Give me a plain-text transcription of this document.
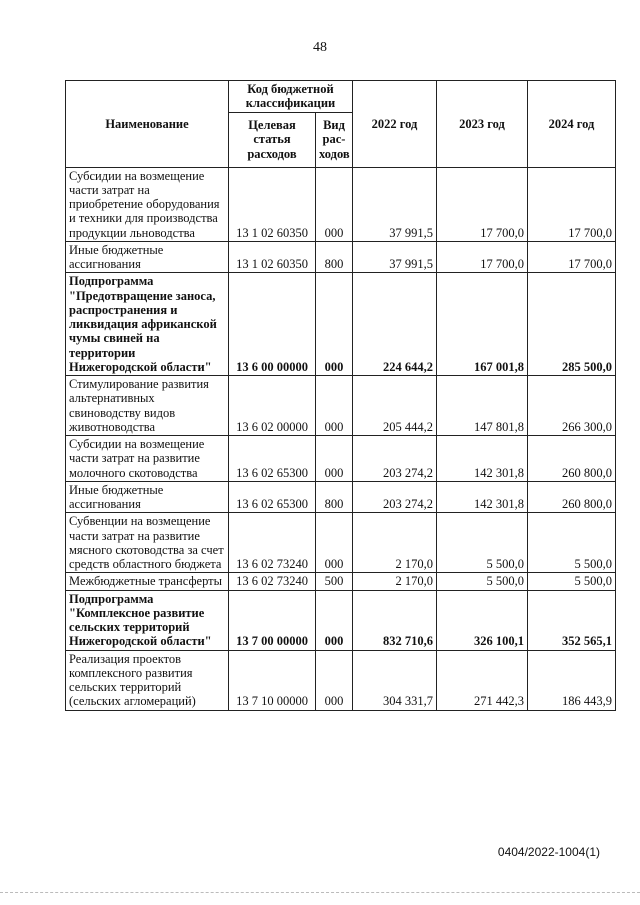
48
Наименование	Код бюджетной классификации		2022 год	2023 год	2024 год
	Целевая статья расходов	Вид рас-ходов			
Субсидии на возмещение части затрат на приобретение оборудования и техники для производства продукции льноводства	13 1 02 60350	000	37 991,5	17 700,0	17 700,0
Иные бюджетные ассигнования	13 1 02 60350	800	37 991,5	17 700,0	17 700,0
Подпрограмма "Предотвращение заноса, распространения и ликвидация африканской чумы свиней на территории Нижегородской области"	13 6 00 00000	000	224 644,2	167 001,8	285 500,0
Стимулирование развития альтернативных свиноводству видов животноводства	13 6 02 00000	000	205 444,2	147 801,8	266 300,0
Субсидии на возмещение части затрат на развитие молочного скотоводства	13 6 02 65300	000	203 274,2	142 301,8	260 800,0
Иные бюджетные ассигнования	13 6 02 65300	800	203 274,2	142 301,8	260 800,0
Субвенции на возмещение части затрат на развитие мясного скотоводства за счет средств областного бюджета	13 6 02 73240	000	2 170,0	5 500,0	5 500,0
Межбюджетные трансферты	13 6 02 73240	500	2 170,0	5 500,0	5 500,0
Подпрограмма "Комплексное развитие сельских территорий Нижегородской области"	13 7 00 00000	000	832 710,6	326 100,1	352 565,1
Реализация проектов комплексного развития сельских территорий (сельских агломераций)	13 7 10 00000	000	304 331,7	271 442,3	186 443,9
0404/2022-1004(1)
